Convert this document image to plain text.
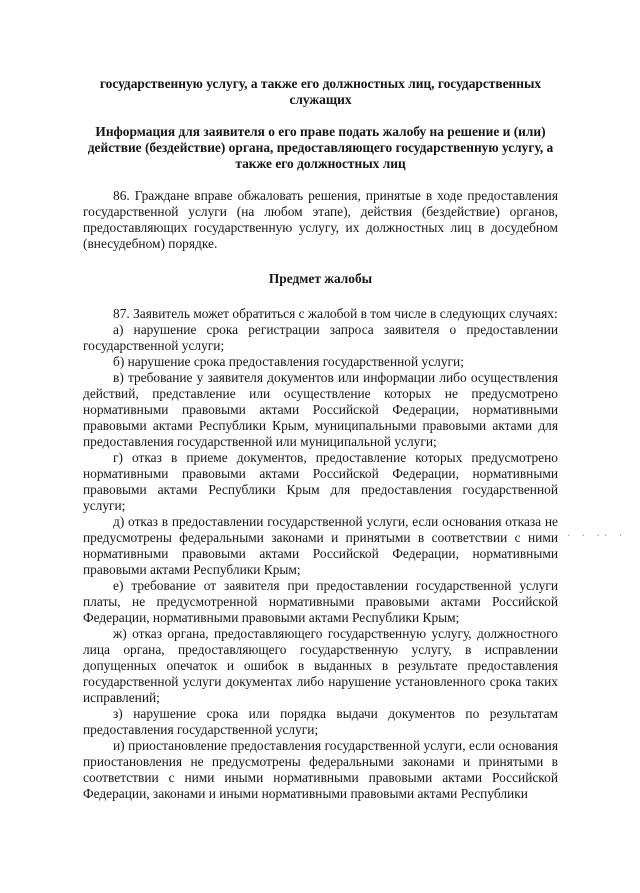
государственную услугу, а также его должностных лиц, государственных служащих

Информация для заявителя о его праве подать жалобу на решение и (или) действие (бездействие) органа, предоставляющего государственную услугу, а также его должностных лиц

86. Граждане вправе обжаловать решения, принятые в ходе предоставления государственной услуги (на любом этапе), действия (бездействие) органов, предоставляющих государственную услугу, их должностных лиц в досудебном (внесудебном) порядке.

Предмет жалобы

87. Заявитель может обратиться с жалобой в том числе в следующих случаях:

а) нарушение срока регистрации запроса заявителя о предоставлении государственной услуги;

б) нарушение срока предоставления государственной услуги;

в) требование у заявителя документов или информации либо осуществления действий, представление или осуществление которых не предусмотрено нормативными правовыми актами Российской Федерации, нормативными правовыми актами Республики Крым, муниципальными правовыми актами для предоставления государственной или муниципальной услуги;

г) отказ в приеме документов, предоставление которых предусмотрено нормативными правовыми актами Российской Федерации, нормативными правовыми актами Республики Крым для предоставления государственной услуги;

д) отказ в предоставлении государственной услуги, если основания отказа не предусмотрены федеральными законами и принятыми в соответствии с ними нормативными правовыми актами Российской Федерации, нормативными правовыми актами Республики Крым;

е) требование от заявителя при предоставлении государственной услуги платы, не предусмотренной нормативными правовыми актами Российской Федерации, нормативными правовыми актами Республики Крым;

ж) отказ органа, предоставляющего государственную услугу, должностного лица органа, предоставляющего государственную услугу, в исправлении допущенных опечаток и ошибок в выданных в результате предоставления государственной услуги документах либо нарушение установленного срока таких исправлений;

з) нарушение срока или порядка выдачи документов по результатам предоставления государственной услуги;

и) приостановление предоставления государственной услуги, если основания приостановления не предусмотрены федеральными законами и принятыми в соответствии с ними иными нормативными правовыми актами Российской Федерации, законами и иными нормативными правовыми актами Республики

· · ·· ·
